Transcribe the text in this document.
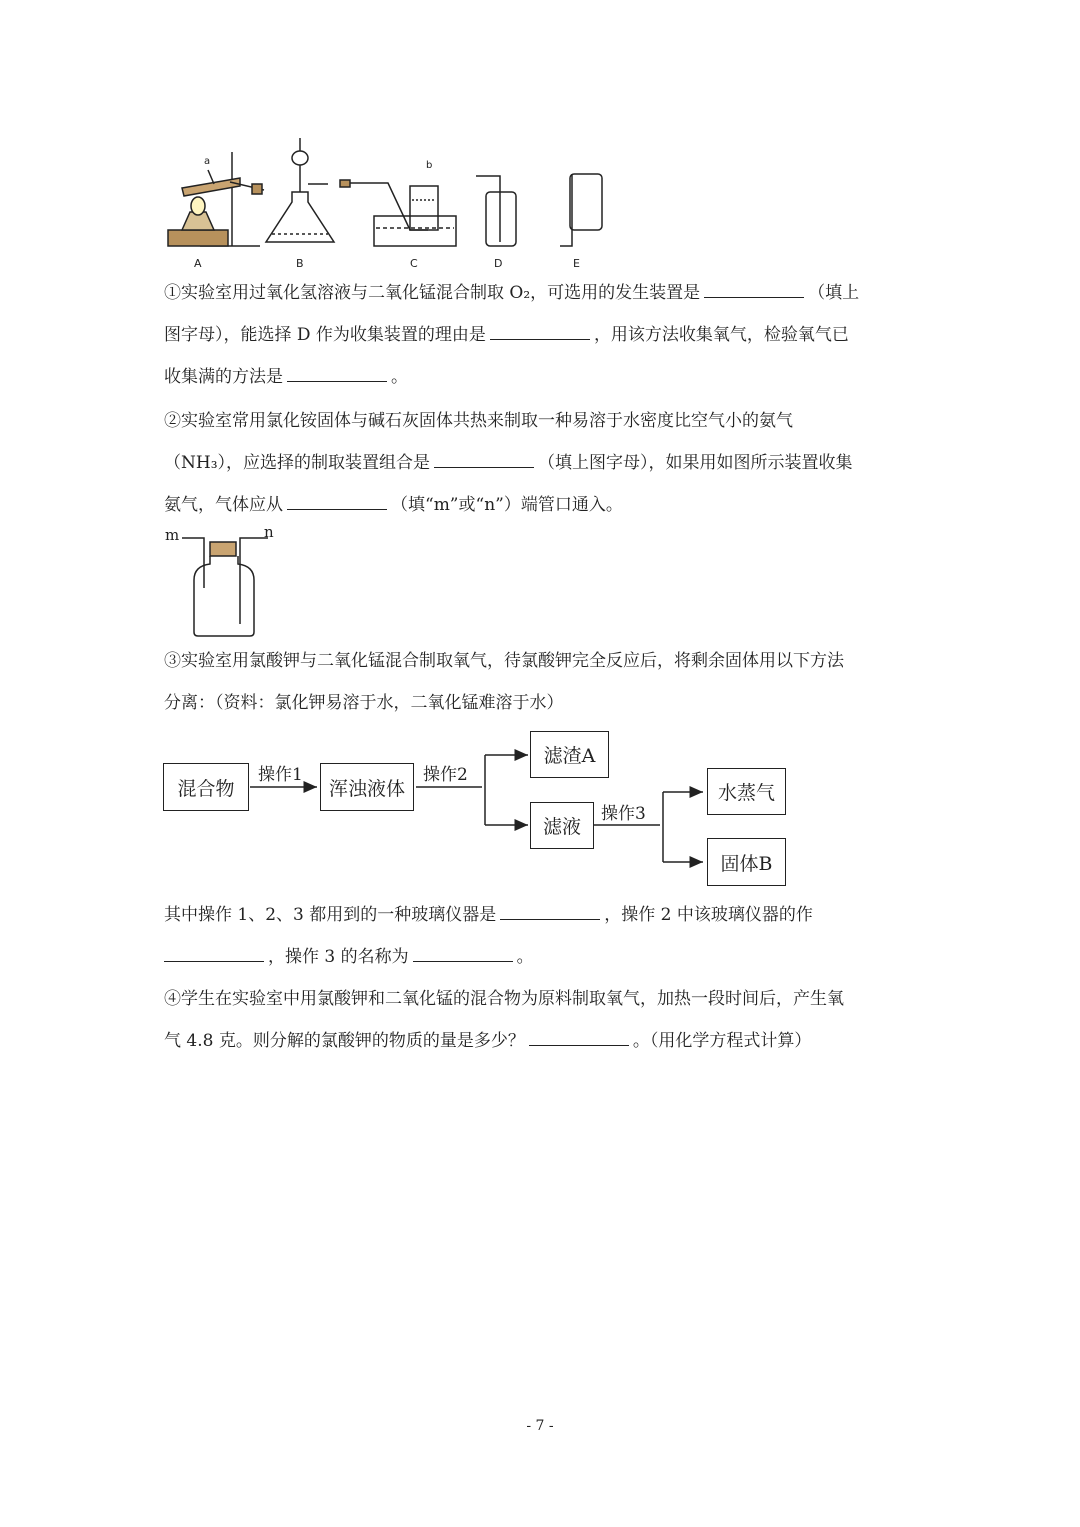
a	b
A	B	C	D	E
①实验室用过氧化氢溶液与二氧化锰混合制取 O₂，可选用的发生装置是	（填上
图字母），能选择 D 作为收集装置的理由是	，用该方法收集氧气，检验氧气已
收集满的方法是	。
②实验室常用氯化铵固体与碱石灰固体共热来制取一种易溶于水密度比空气小的氨气
（NH₃），应选择的制取装置组合是	（填上图字母），如果用如图所示装置收集
氨气，气体应从	（填“m”或“n”）端管口通入。
m	n
③实验室用氯酸钾与二氧化锰混合制取氧气，待氯酸钾完全反应后，将剩余固体用以下方法
分离：（资料：氯化钾易溶于水，二氧化锰难溶于水）
混合物
操作1
浑浊液体
操作2
滤渣A
滤液
操作3
水蒸气
固体B
其中操作 1、2、3 都用到的一种玻璃仪器是	，操作 2 中该玻璃仪器的作
，操作 3 的名称为	。
④学生在实验室中用氯酸钾和二氧化锰的混合物为原料制取氧气，加热一段时间后，产生氧
气 4.8 克。则分解的氯酸钾的物质的量是多少？	。（用化学方程式计算）
- 7 -
